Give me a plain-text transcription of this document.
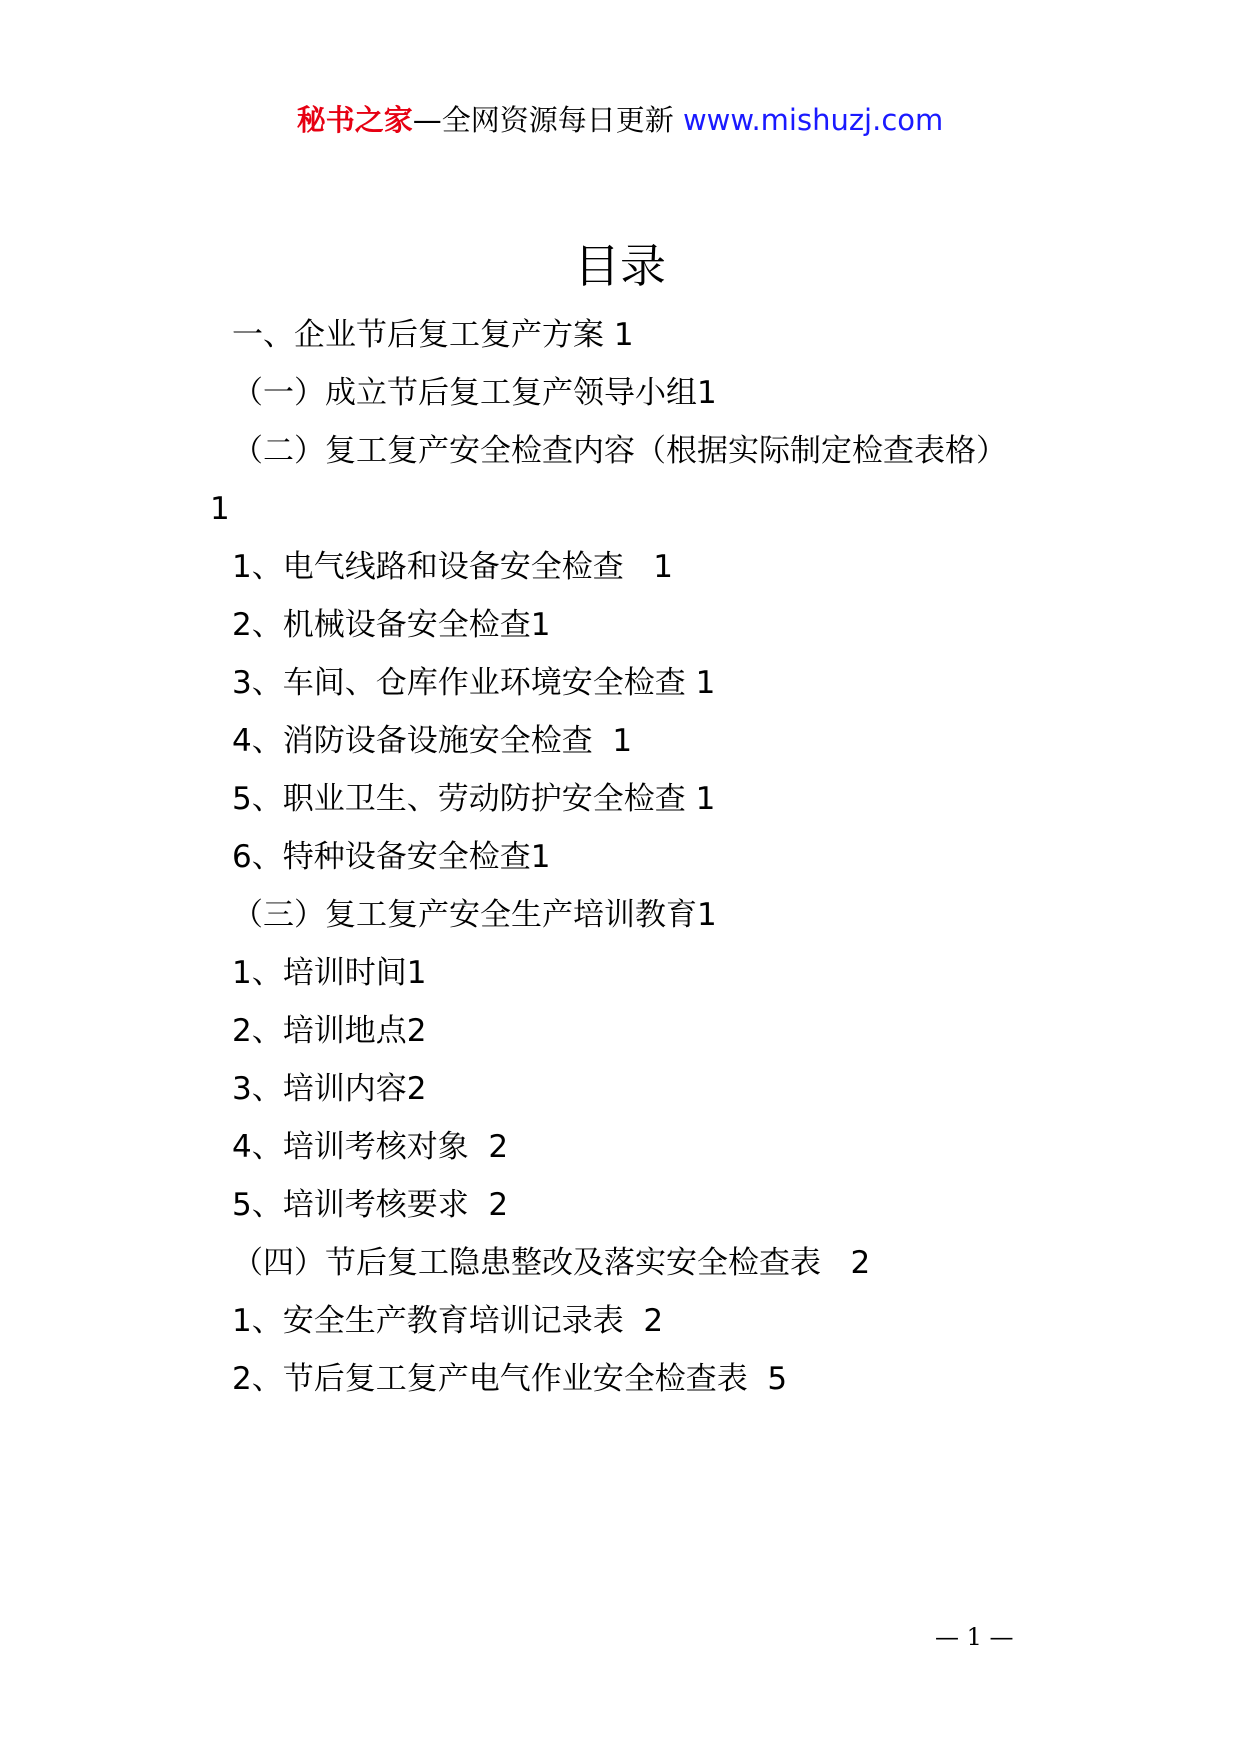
秘书之家—全网资源每日更新 www.mishuzj.com
目录
一、企业节后复工复产方案 1
（一）成立节后复工复产领导小组1
（二）复工复产安全检查内容（根据实际制定检查表格）
1
1、电气线路和设备安全检查   1
2、机械设备安全检查1
3、车间、仓库作业环境安全检查 1
4、消防设备设施安全检查  1
5、职业卫生、劳动防护安全检查 1
6、特种设备安全检查1
（三）复工复产安全生产培训教育1
1、培训时间1
2、培训地点2
3、培训内容2
4、培训考核对象  2
5、培训考核要求  2
（四）节后复工隐患整改及落实安全检查表   2
1、安全生产教育培训记录表  2
2、节后复工复产电气作业安全检查表  5
— 1 —
